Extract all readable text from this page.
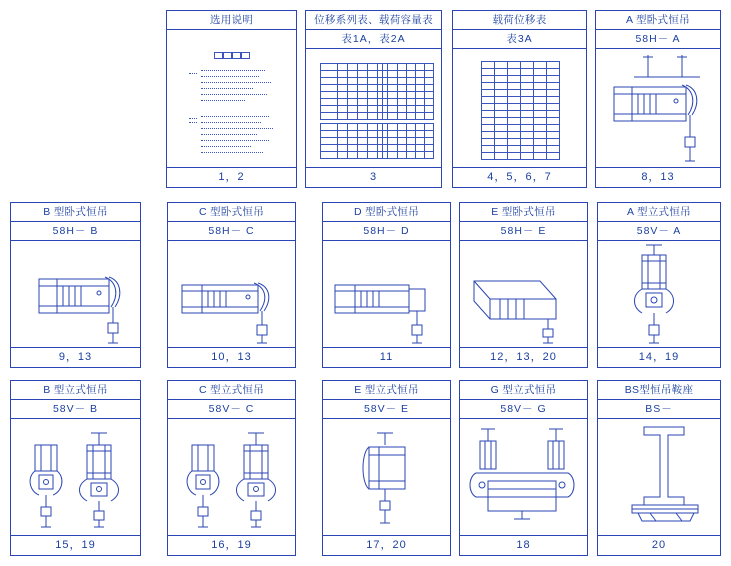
选用说明
1，2
位移系列表、载荷容量表
表1A，表2A

3
载荷位移表
表3A

4，5，6，7
A 型卧式恒吊
58H－ A
8，13
B 型卧式恒吊
58H－ B
9，13
C 型卧式恒吊
58H－ C
10，13
D 型卧式恒吊
58H－ D
11
E 型卧式恒吊
58H－ E
12，13，20
A 型立式恒吊
58V－ A
14，19
B 型立式恒吊
58V－ B
15，19
C 型立式恒吊
58V－ C
16，19
E 型立式恒吊
58V－ E
17，20
G 型立式恒吊
58V－ G
18
BS型恒吊鞍座
BS－
20
